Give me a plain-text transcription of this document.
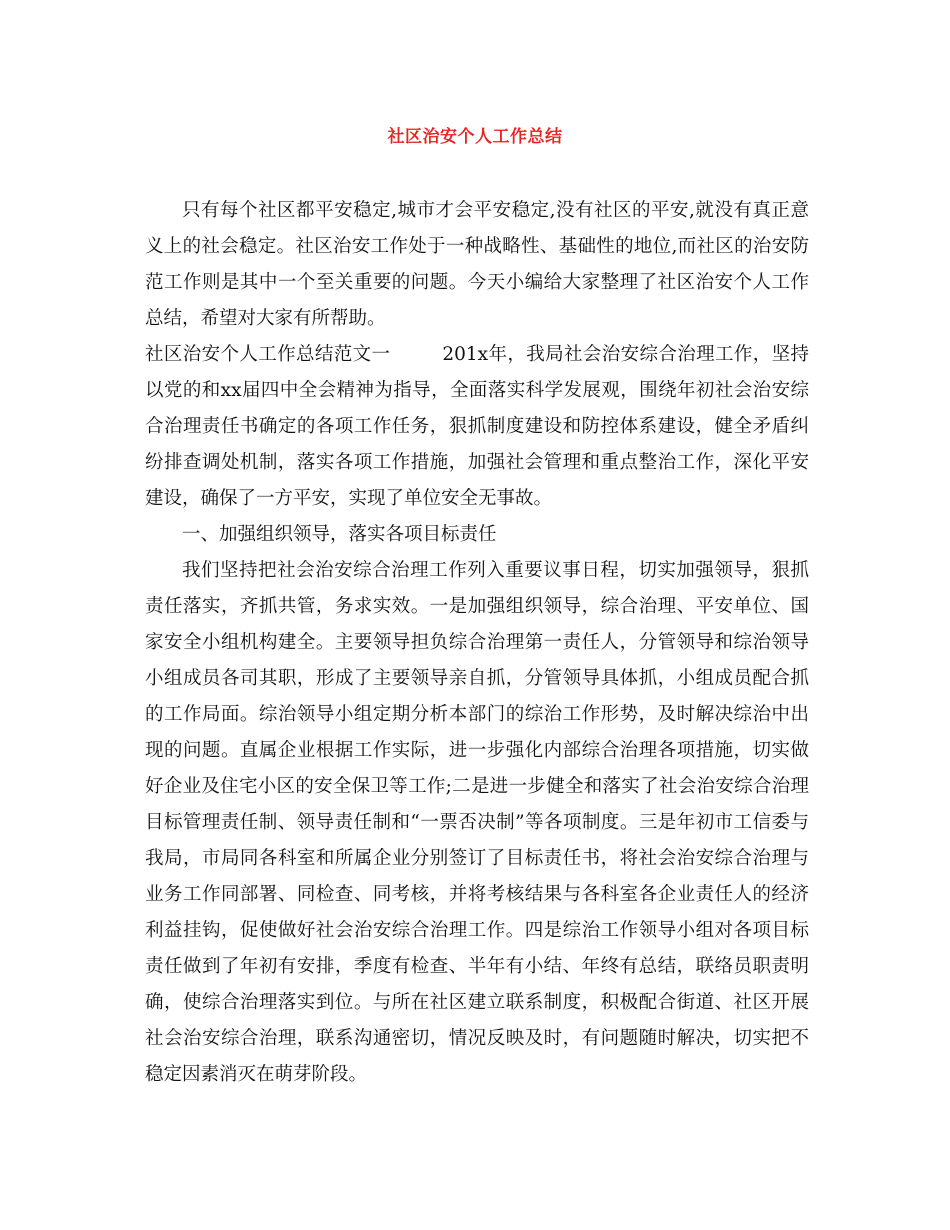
社区治安个人工作总结

只有每个社区都平安稳定,城市才会平安稳定,没有社区的平安,就没有真正意义上的社会稳定。社区治安工作处于一种战略性、基础性的地位,而社区的治安防范工作则是其中一个至关重要的问题。今天小编给大家整理了社区治安个人工作总结，希望对大家有所帮助。

社区治安个人工作总结范文一	201x年，我局社会治安综合治理工作，坚持以党的和xx届四中全会精神为指导，全面落实科学发展观，围绕年初社会治安综合治理责任书确定的各项工作任务，狠抓制度建设和防控体系建设，健全矛盾纠纷排查调处机制，落实各项工作措施，加强社会管理和重点整治工作，深化平安建设，确保了一方平安，实现了单位安全无事故。

一、加强组织领导，落实各项目标责任

我们坚持把社会治安综合治理工作列入重要议事日程，切实加强领导，狠抓责任落实，齐抓共管，务求实效。一是加强组织领导，综合治理、平安单位、国家安全小组机构建全。主要领导担负综合治理第一责任人，分管领导和综治领导小组成员各司其职，形成了主要领导亲自抓，分管领导具体抓，小组成员配合抓的工作局面。综治领导小组定期分析本部门的综治工作形势，及时解决综治中出现的问题。直属企业根据工作实际，进一步强化内部综合治理各项措施，切实做好企业及住宅小区的安全保卫等工作;二是进一步健全和落实了社会治安综合治理目标管理责任制、领导责任制和“一票否决制”等各项制度。三是年初市工信委与我局，市局同各科室和所属企业分别签订了目标责任书，将社会治安综合治理与业务工作同部署、同检查、同考核，并将考核结果与各科室各企业责任人的经济利益挂钩，促使做好社会治安综合治理工作。四是综治工作领导小组对各项目标责任做到了年初有安排，季度有检查、半年有小结、年终有总结，联络员职责明确，使综合治理落实到位。与所在社区建立联系制度，积极配合街道、社区开展社会治安综合治理，联系沟通密切，情况反映及时，有问题随时解决，切实把不稳定因素消灭在萌芽阶段。
